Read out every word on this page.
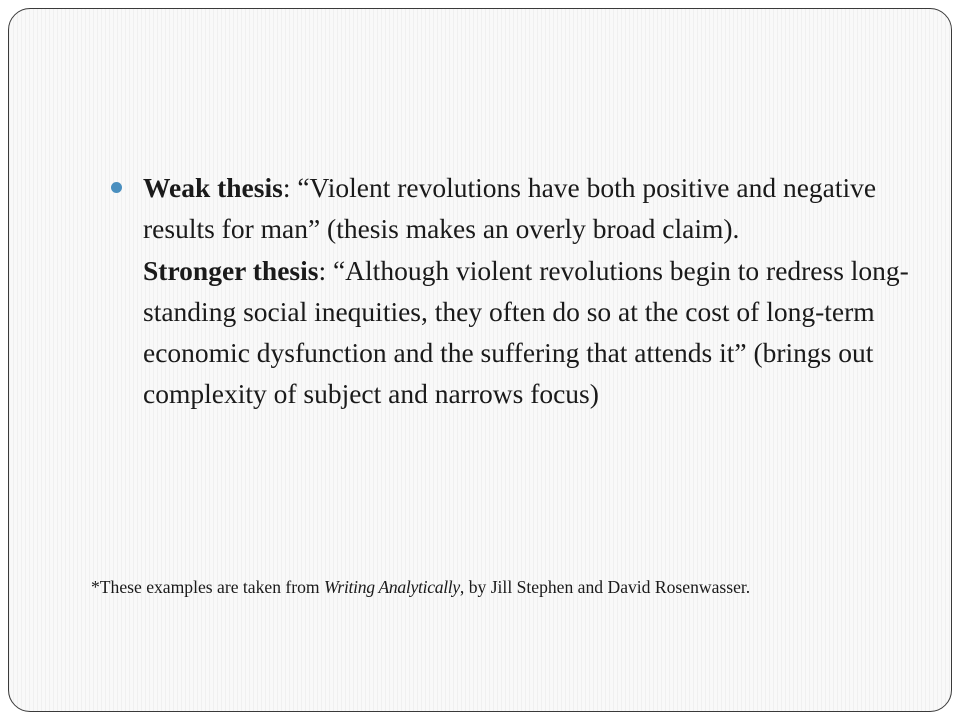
Weak thesis: “Violent revolutions have both positive and negative results for man” (thesis makes an overly broad claim).
Stronger thesis: “Although violent revolutions begin to redress long-standing social inequities, they often do so at the cost of long-term economic dysfunction and the suffering that attends it” (brings out complexity of subject and narrows focus)
*These examples are taken from Writing Analytically, by Jill Stephen and David Rosenwasser.
